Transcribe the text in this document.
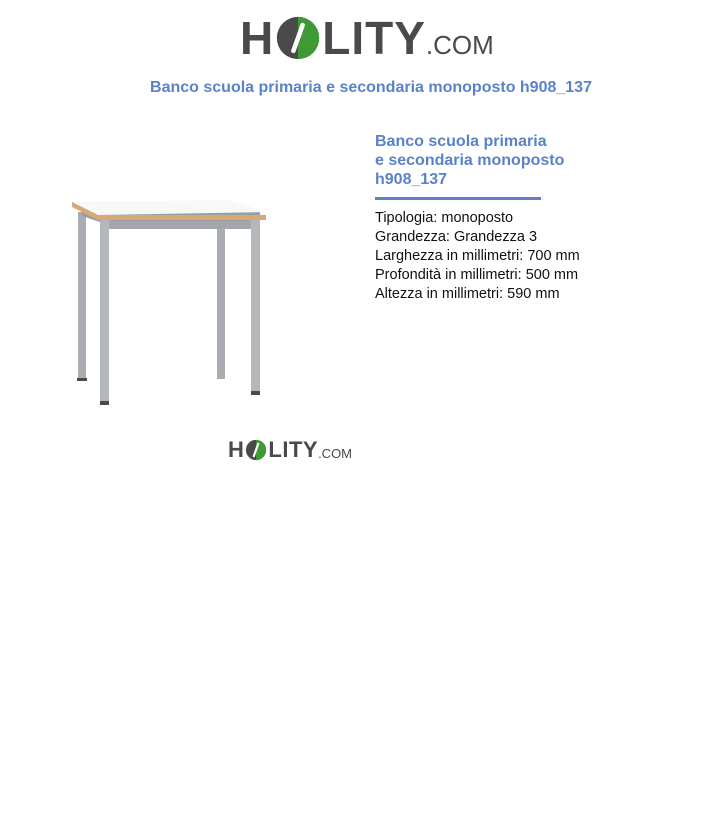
H LITY .COM
Banco scuola primaria e secondaria monoposto h908_137
H LITY .COM
Banco scuola primaria
e secondaria monoposto
h908_137
Tipologia: monoposto
Grandezza: Grandezza 3
Larghezza in millimetri: 700 mm
Profondità in millimetri: 500 mm
Altezza in millimetri: 590 mm
